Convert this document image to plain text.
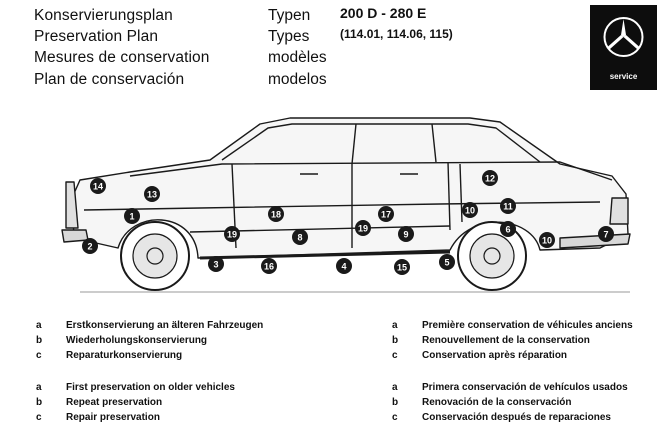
Konservierungsplan
Preservation Plan
Mesures de conservation
Plan de conservación
Typen
Types
modèles
modelos
200 D - 280 E
(114.01, 114.06, 115)
service
1
2
3	4	5
6	7
8	9
10
10
11
12
13
14
15
16
17
18
19
19
a	Erstkonservierung an älteren Fahrzeugen
b	Wiederholungskonservierung
c	Reparaturkonservierung
a	Première conservation de véhicules anciens
b	Renouvellement de la conservation
c	Conservation après réparation
a	First preservation on older vehicles
b	Repeat preservation
c	Repair preservation
a	Primera conservación de vehículos usados
b	Renovación de la conservación
c	Conservación después de reparaciones
